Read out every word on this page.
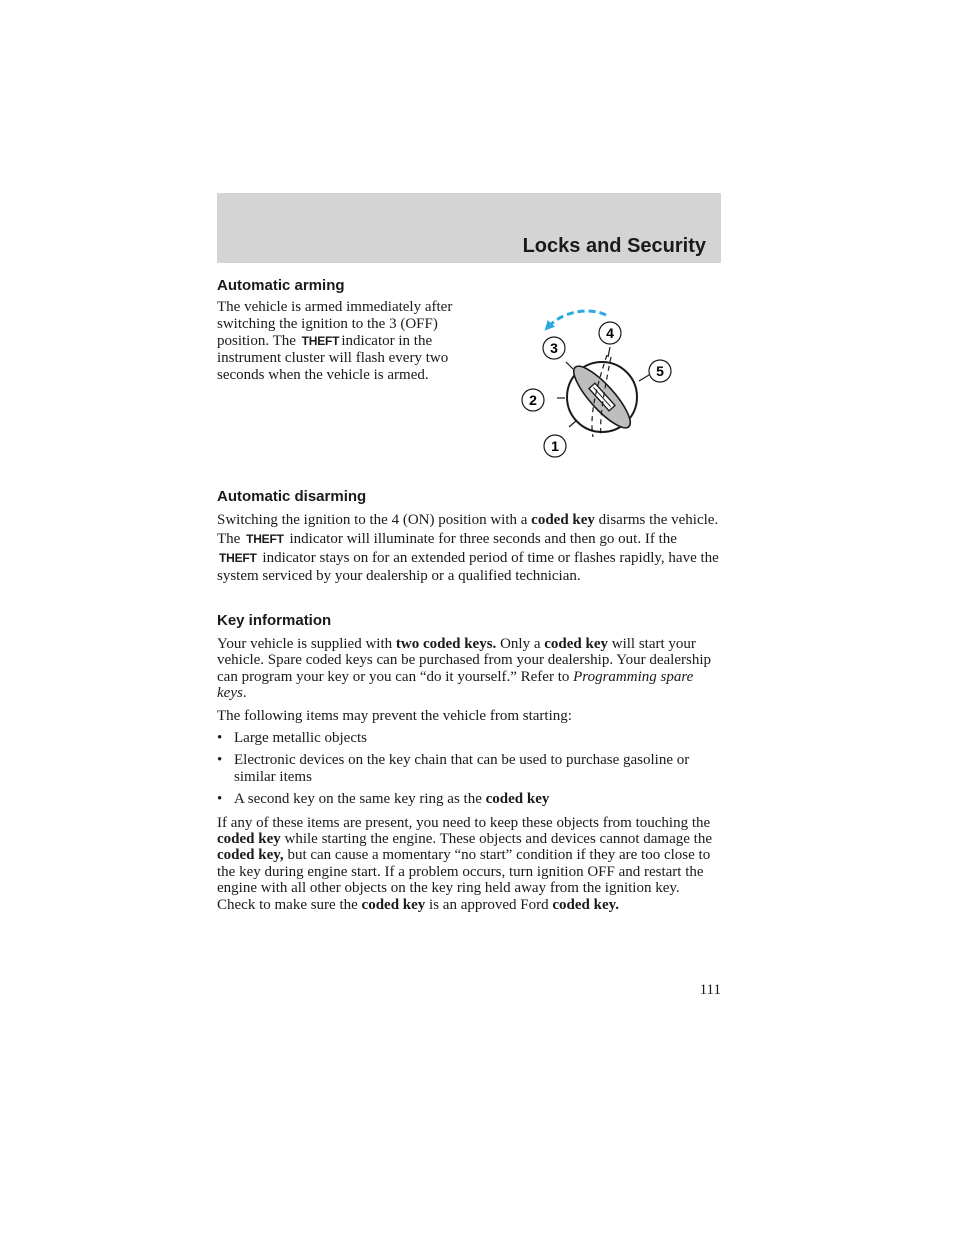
Locks and Security
Automatic arming

The vehicle is armed immediately after switching the ignition to the 3 (OFF) position. The THEFT indicator in the instrument cluster will flash every two seconds when the vehicle is armed.

1
2
3
4
5
Automatic disarming

Switching the ignition to the 4 (ON) position with a coded key disarms the vehicle. The THEFT indicator will illuminate for three seconds and then go out. If the THEFT indicator stays on for an extended period of time or flashes rapidly, have the system serviced by your dealership or a qualified technician.

Key information

Your vehicle is supplied with two coded keys. Only a coded key will start your vehicle. Spare coded keys can be purchased from your dealership. Your dealership can program your key or you can “do it yourself.” Refer to Programming spare keys.

The following items may prevent the vehicle from starting:

• Large metallic objects
• Electronic devices on the key chain that can be used to purchase gasoline or similar items
• A second key on the same key ring as the coded key

If any of these items are present, you need to keep these objects from touching the coded key while starting the engine. These objects and devices cannot damage the coded key, but can cause a momentary “no start” condition if they are too close to the key during engine start. If a problem occurs, turn ignition OFF and restart the engine with all other objects on the key ring held away from the ignition key. Check to make sure the coded key is an approved Ford coded key.

111
